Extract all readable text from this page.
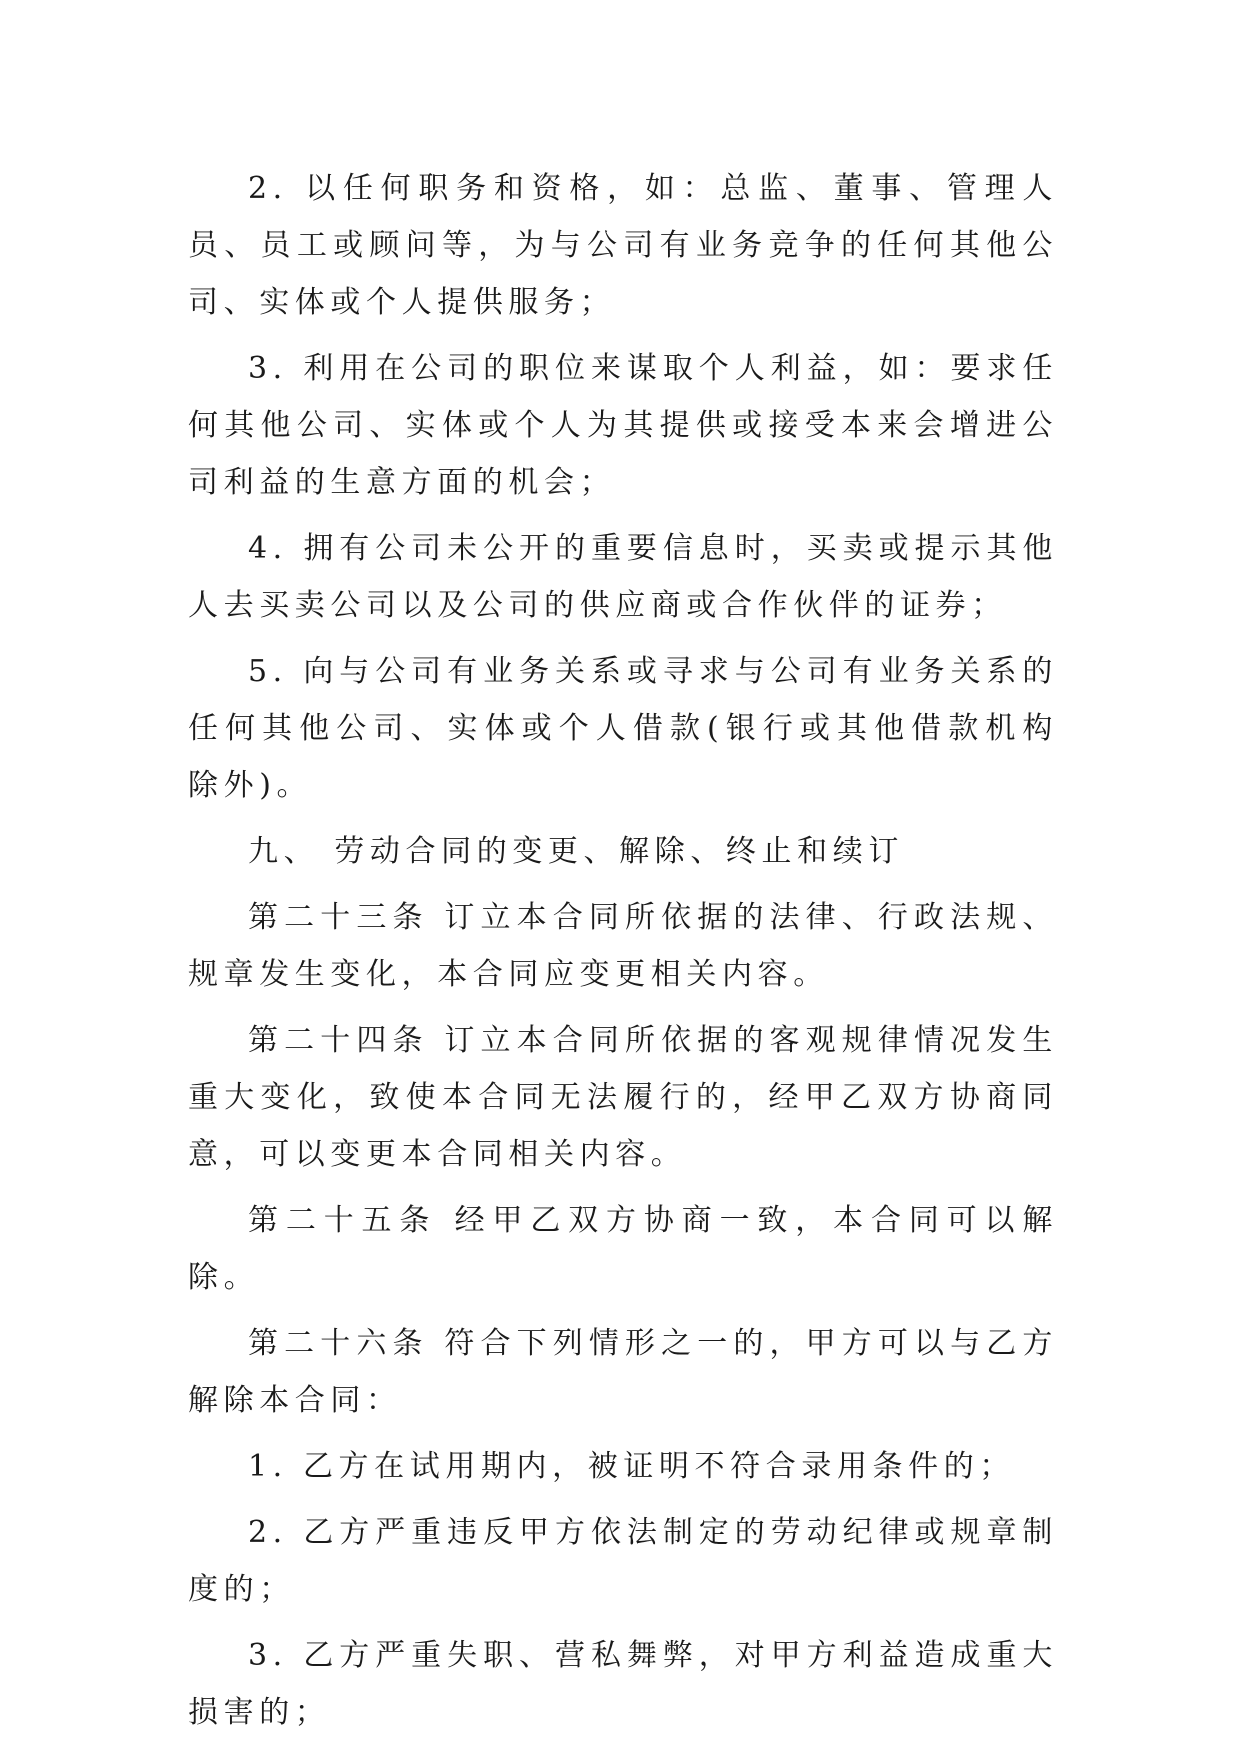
2. 以任何职务和资格，如：总监、董事、管理人员、员工或顾问等，为与公司有业务竞争的任何其他公司、实体或个人提供服务；

3. 利用在公司的职位来谋取个人利益，如：要求任何其他公司、实体或个人为其提供或接受本来会增进公司利益的生意方面的机会；

4. 拥有公司未公开的重要信息时，买卖或提示其他人去买卖公司以及公司的供应商或合作伙伴的证券；

5. 向与公司有业务关系或寻求与公司有业务关系的任何其他公司、实体或个人借款(银行或其他借款机构除外)。

九、 劳动合同的变更、解除、终止和续订

第二十三条 订立本合同所依据的法律、行政法规、规章发生变化，本合同应变更相关内容。

第二十四条 订立本合同所依据的客观规律情况发生重大变化，致使本合同无法履行的，经甲乙双方协商同意，可以变更本合同相关内容。

第二十五条 经甲乙双方协商一致，本合同可以解除。

第二十六条 符合下列情形之一的，甲方可以与乙方解除本合同：

1. 乙方在试用期内，被证明不符合录用条件的；

2. 乙方严重违反甲方依法制定的劳动纪律或规章制度的；

3. 乙方严重失职、营私舞弊，对甲方利益造成重大损害的；
